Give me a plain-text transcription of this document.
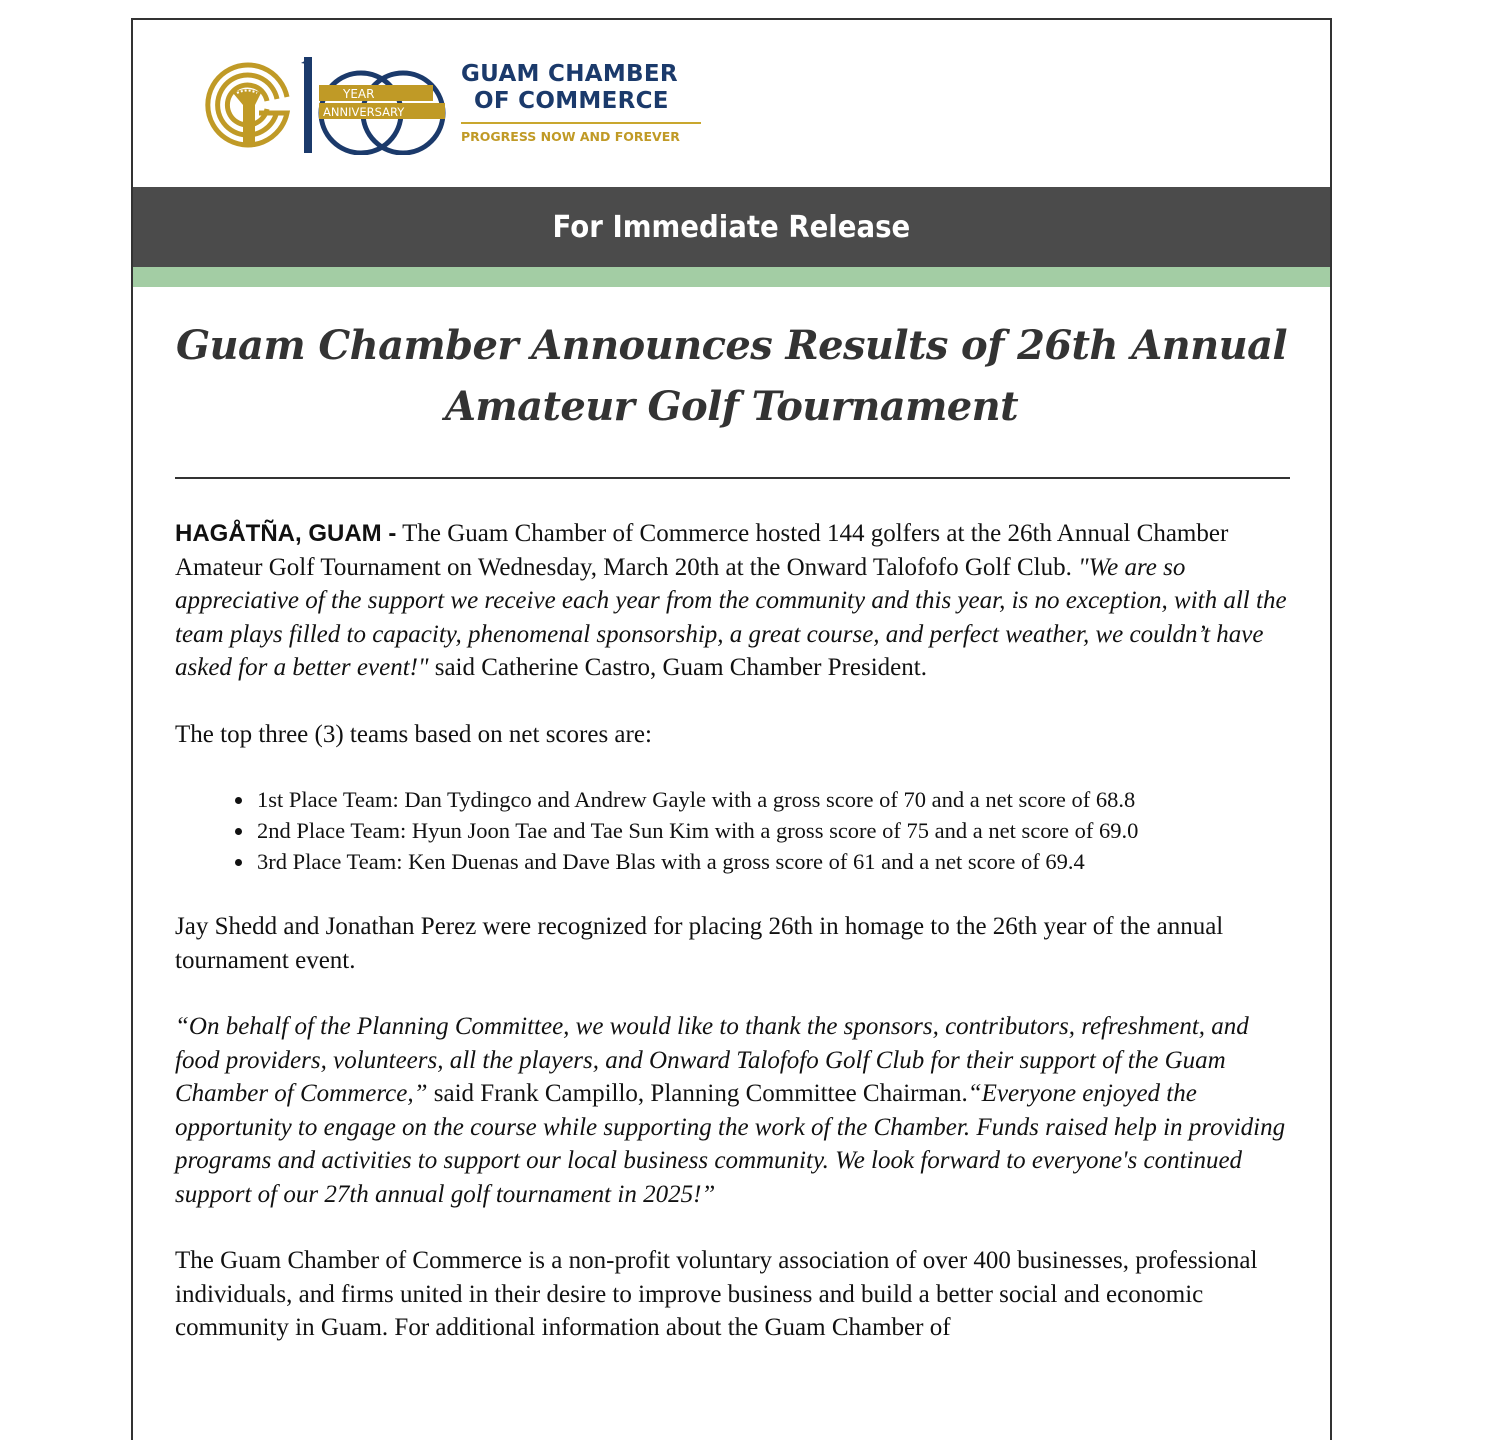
YEAR
ANNIVERSARY
GUAM CHAMBER
OF COMMERCE
PROGRESS NOW AND FOREVER
For Immediate Release
Guam Chamber Announces Results of 26th Annual Amateur Golf Tournament

HAGÅTÑA, GUAM - The Guam Chamber of Commerce hosted 144 golfers at the 26th Annual Chamber Amateur Golf Tournament on Wednesday, March 20th at the Onward Talofofo Golf Club. "We are so appreciative of the support we receive each year from the community and this year, is no exception, with all the team plays filled to capacity, phenomenal sponsorship, a great course, and perfect weather, we couldn’t have asked for a better event!" said Catherine Castro, Guam Chamber President.

The top three (3) teams based on net scores are:

• 1st Place Team: Dan Tydingco and Andrew Gayle with a gross score of 70 and a net score of 68.8
• 2nd Place Team: Hyun Joon Tae and Tae Sun Kim with a gross score of 75 and a net score of 69.0
• 3rd Place Team: Ken Duenas and Dave Blas with a gross score of 61 and a net score of 69.4

Jay Shedd and Jonathan Perez were recognized for placing 26th in homage to the 26th year of the annual tournament event.

“On behalf of the Planning Committee, we would like to thank the sponsors, contributors, refreshment, and food providers, volunteers, all the players, and Onward Talofofo Golf Club for their support of the Guam Chamber of Commerce,” said Frank Campillo, Planning Committee Chairman.“Everyone enjoyed the opportunity to engage on the course while supporting the work of the Chamber. Funds raised help in providing programs and activities to support our local business community. We look forward to everyone's continued support of our 27th annual golf tournament in 2025!”

The Guam Chamber of Commerce is a non-profit voluntary association of over 400 businesses, professional individuals, and firms united in their desire to improve business and build a better social and economic community in Guam. For additional information about the Guam Chamber of
